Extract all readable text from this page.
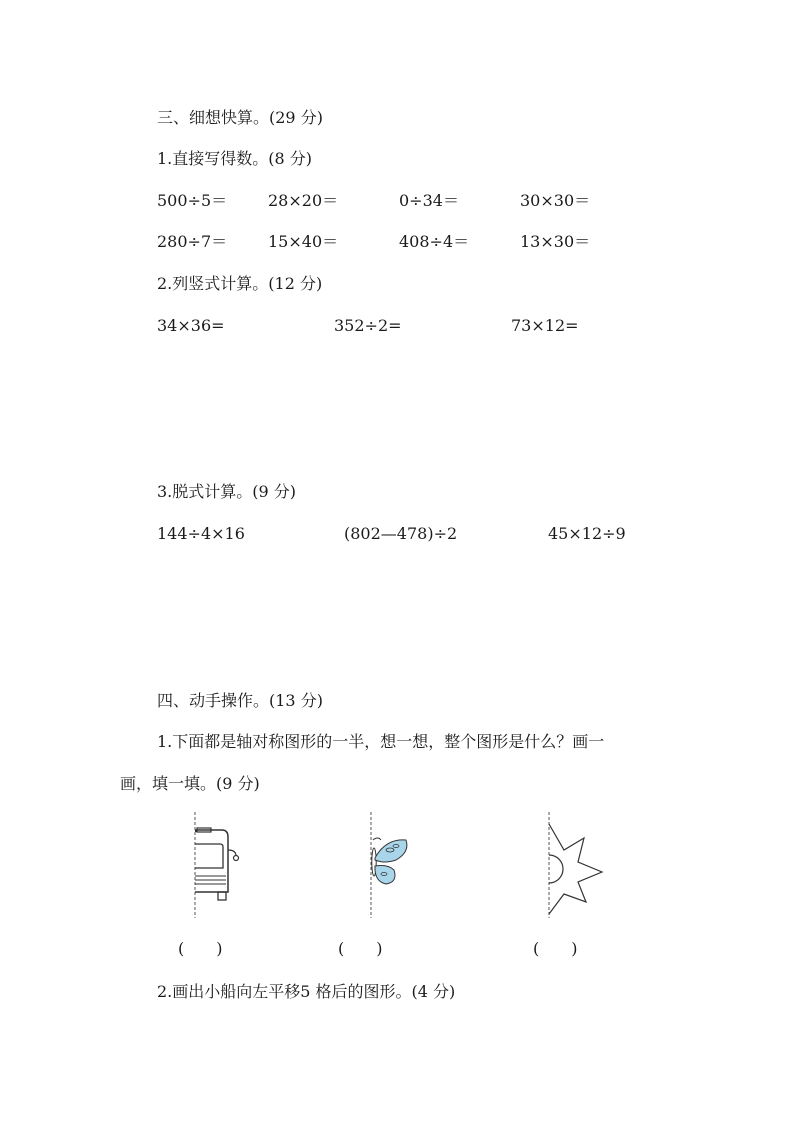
三、细想快算。(29 分)
1.直接写得数。(8 分)
500÷5＝	28×20＝	0÷34＝	30×30＝
280÷7＝	15×40＝	408÷4＝	13×30＝
2.列竖式计算。(12 分)
34×36=	352÷2=	73×12=
3.脱式计算。(9 分)
144÷4×16	(802—478)÷2	45×12÷9
四、动手操作。(13 分)
1.下面都是轴对称图形的一半，想一想，整个图形是什么？画一
画，填一填。(9 分)
(　　)	(　　)	(　　)
2.画出小船向左平移5 格后的图形。(4 分)
